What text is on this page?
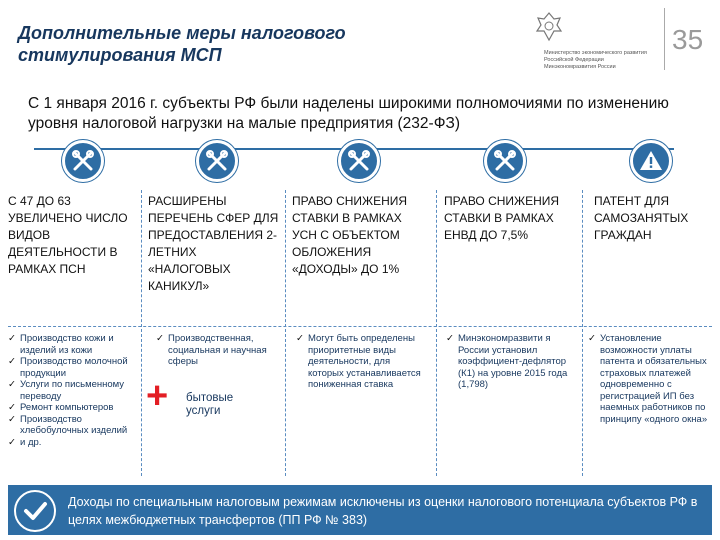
Дополнительные меры налогового стимулирования МСП	Министерство экономического развития Российской Федерации
Минэкономразвития России
35
С 1 января 2016 г. субъекты РФ были наделены широкими полномочиями по изменению уровня налоговой нагрузки на малые предприятия (232-ФЗ)
С 47 ДО 63 УВЕЛИЧЕНО ЧИСЛО ВИДОВ ДЕЯТЕЛЬНОСТИ В РАМКАХ ПСН
РАСШИРЕНЫ ПЕРЕЧЕНЬ СФЕР ДЛЯ ПРЕДОСТАВЛЕНИЯ 2-ЛЕТНИХ «НАЛОГОВЫХ КАНИКУЛ»
ПРАВО СНИЖЕНИЯ СТАВКИ В РАМКАХ УСН С ОБЪЕКТОМ ОБЛОЖЕНИЯ «ДОХОДЫ» ДО 1%
ПРАВО СНИЖЕНИЯ СТАВКИ В РАМКАХ ЕНВД ДО 7,5%
ПАТЕНТ ДЛЯ САМОЗАНЯТЫХ ГРАЖДАН
✓ Производство кожи и изделий из кожи
✓ Производство молочной продукции
✓ Услуги по письменному переводу
✓ Ремонт компьютеров
✓ Производство хлебобулочных изделий
✓ и др.
✓ Производственная, социальная и научная сферы
+ бытовые услуги
✓ Могут быть определены приоритетные виды деятельности, для которых устанавливается пониженная ставка
✓ Минэкономразвити я России установил коэффициент-дефлятор (К1) на уровне 2015 года (1,798)
✓ Установление возможности уплаты патента и обязательных страховых платежей одновременно с регистрацией ИП без наемных работников по принципу «одного окна»
Доходы по специальным налоговым режимам исключены из оценки налогового потенциала субъектов РФ в целях межбюджетных трансфертов (ПП РФ № 383)
